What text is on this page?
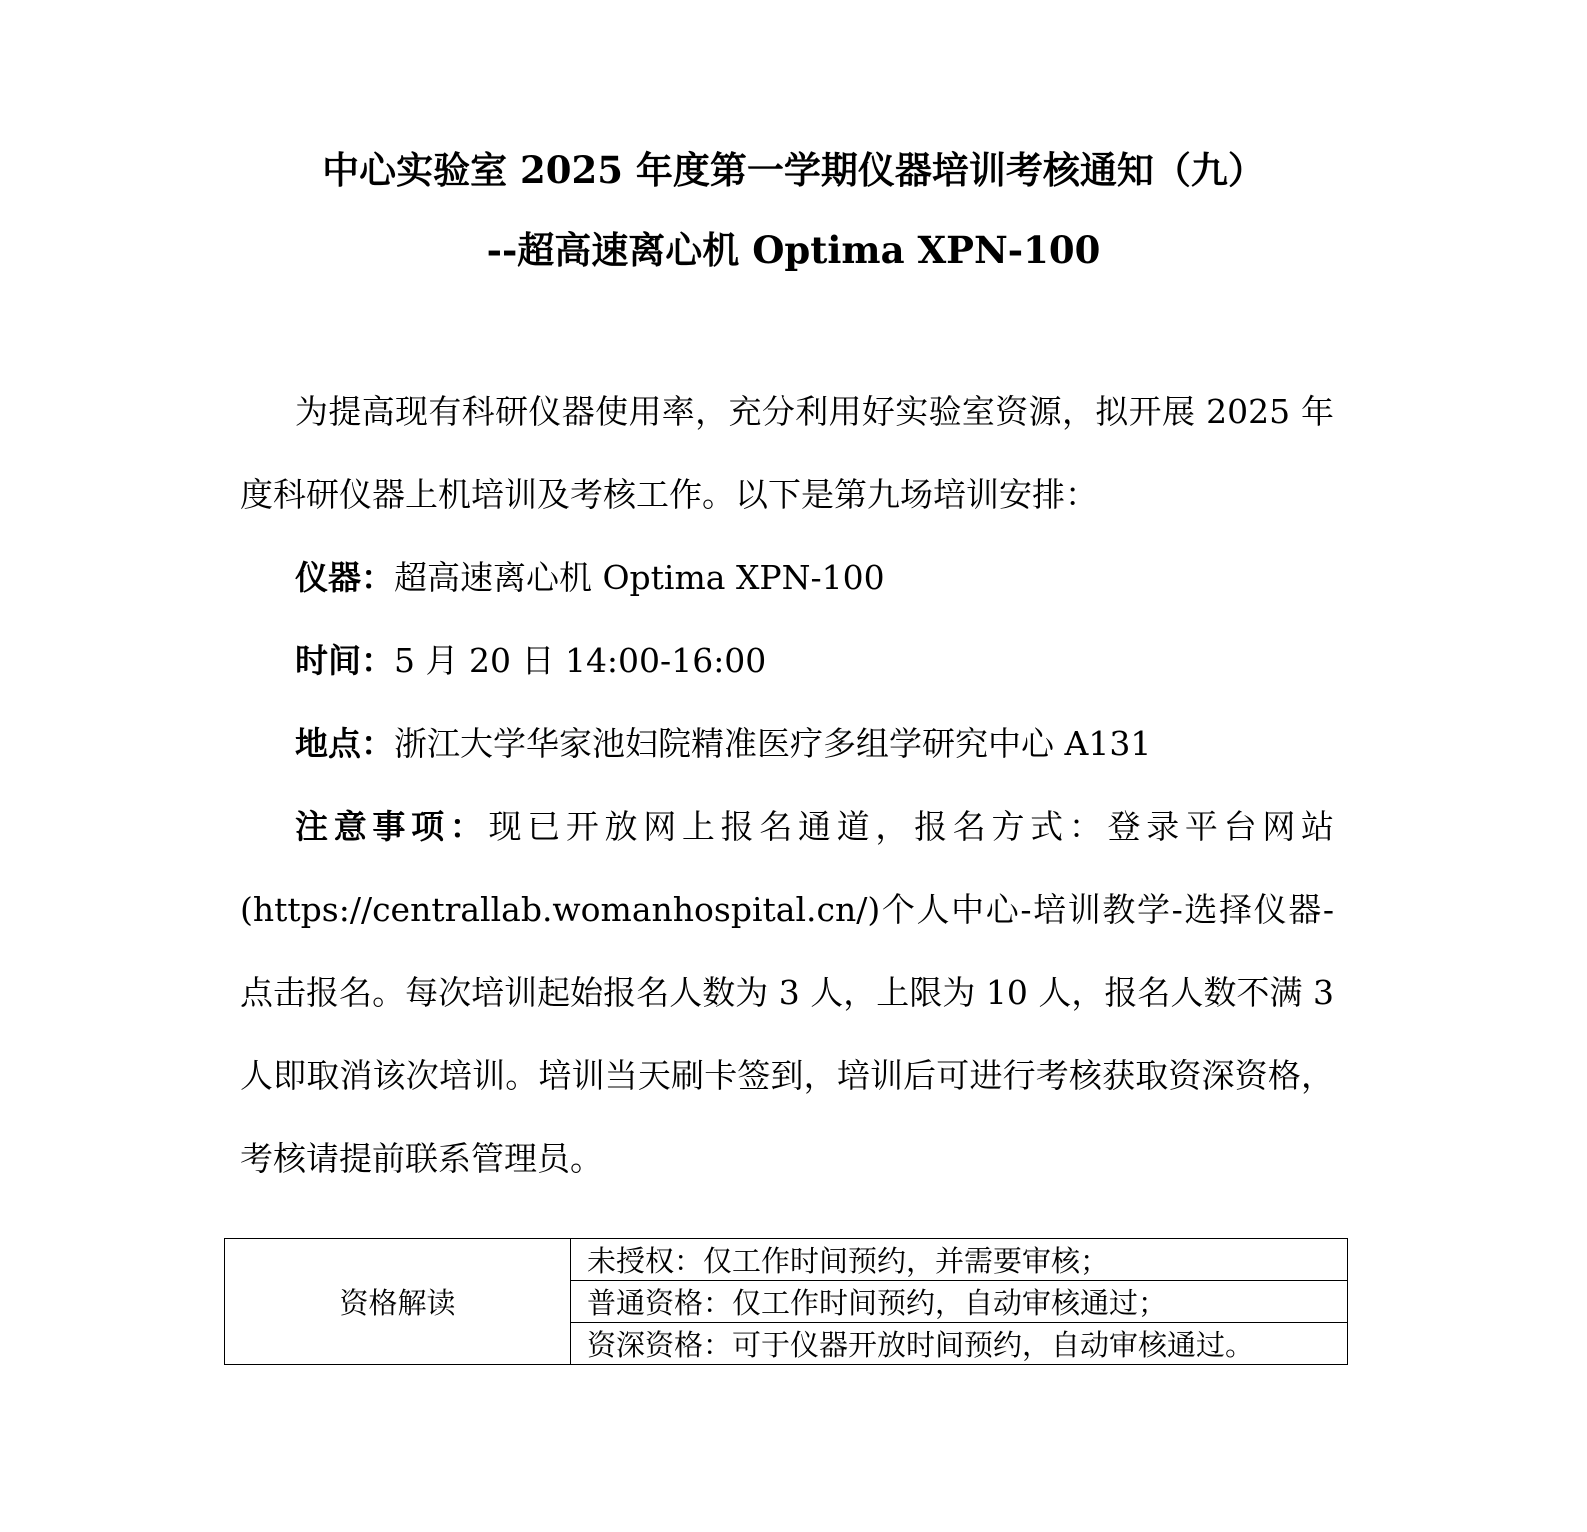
中心实验室 2025 年度第一学期仪器培训考核通知（九）
--超高速离心机 Optima XPN-100

为提高现有科研仪器使用率，充分利用好实验室资源，拟开展 2025 年度科研仪器上机培训及考核工作。以下是第九场培训安排：

仪器：超高速离心机 Optima XPN-100

时间：5 月 20 日 14:00-16:00

地点：浙江大学华家池妇院精准医疗多组学研究中心 A131

注意事项：现已开放网上报名通道，报名方式：登录平台网站(https://centrallab.womanhospital.cn/)个人中心-培训教学-选择仪器-点击报名。每次培训起始报名人数为 3 人，上限为 10 人，报名人数不满 3 人即取消该次培训。培训当天刷卡签到，培训后可进行考核获取资深资格，考核请提前联系管理员。

资格解读	未授权：仅工作时间预约，并需要审核；
普通资格：仅工作时间预约，自动审核通过；
资深资格：可于仪器开放时间预约，自动审核通过。
